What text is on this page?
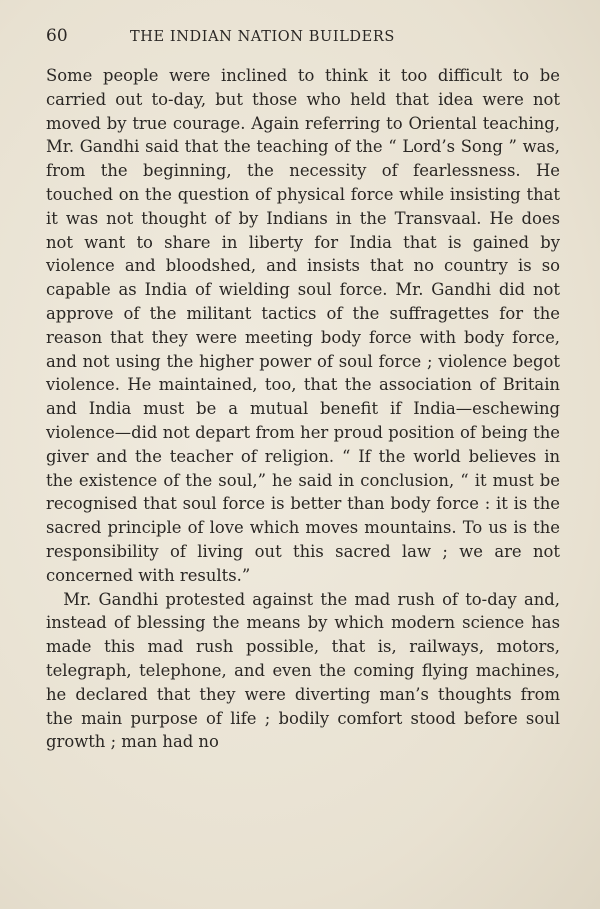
60	THE INDIAN NATION BUILDERS

Some people were inclined to think it too difficult to be carried out to-day, but those who held that idea were not moved by true courage. Again referring to Oriental teaching, Mr. Gandhi said that the teaching of the “ Lord’s Song ” was, from the beginning, the necessity of fearlessness. He touched on the question of physical force while insisting that it was not thought of by Indians in the Transvaal. He does not want to share in liberty for India that is gained by violence and bloodshed, and insists that no country is so capable as India of wielding soul force. Mr. Gandhi did not approve of the militant tactics of the suffragettes for the reason that they were meeting body force with body force, and not using the higher power of soul force ; violence begot violence. He maintained, too, that the association of Britain and India must be a mutual benefit if India—eschewing violence—did not depart from her proud position of being the giver and the teacher of religion. “ If the world believes in the existence of the soul,” he said in conclusion, “ it must be recognised that soul force is better than body force : it is the sacred principle of love which moves mountains. To us is the responsibility of living out this sacred law ; we are not concerned with results.”

Mr. Gandhi protested against the mad rush of to-day and, instead of blessing the means by which modern science has made this mad rush possible, that is, railways, motors, telegraph, telephone, and even the coming flying machines, he declared that they were diverting man’s thoughts from the main purpose of life ; bodily comfort stood before soul growth ; man had no
